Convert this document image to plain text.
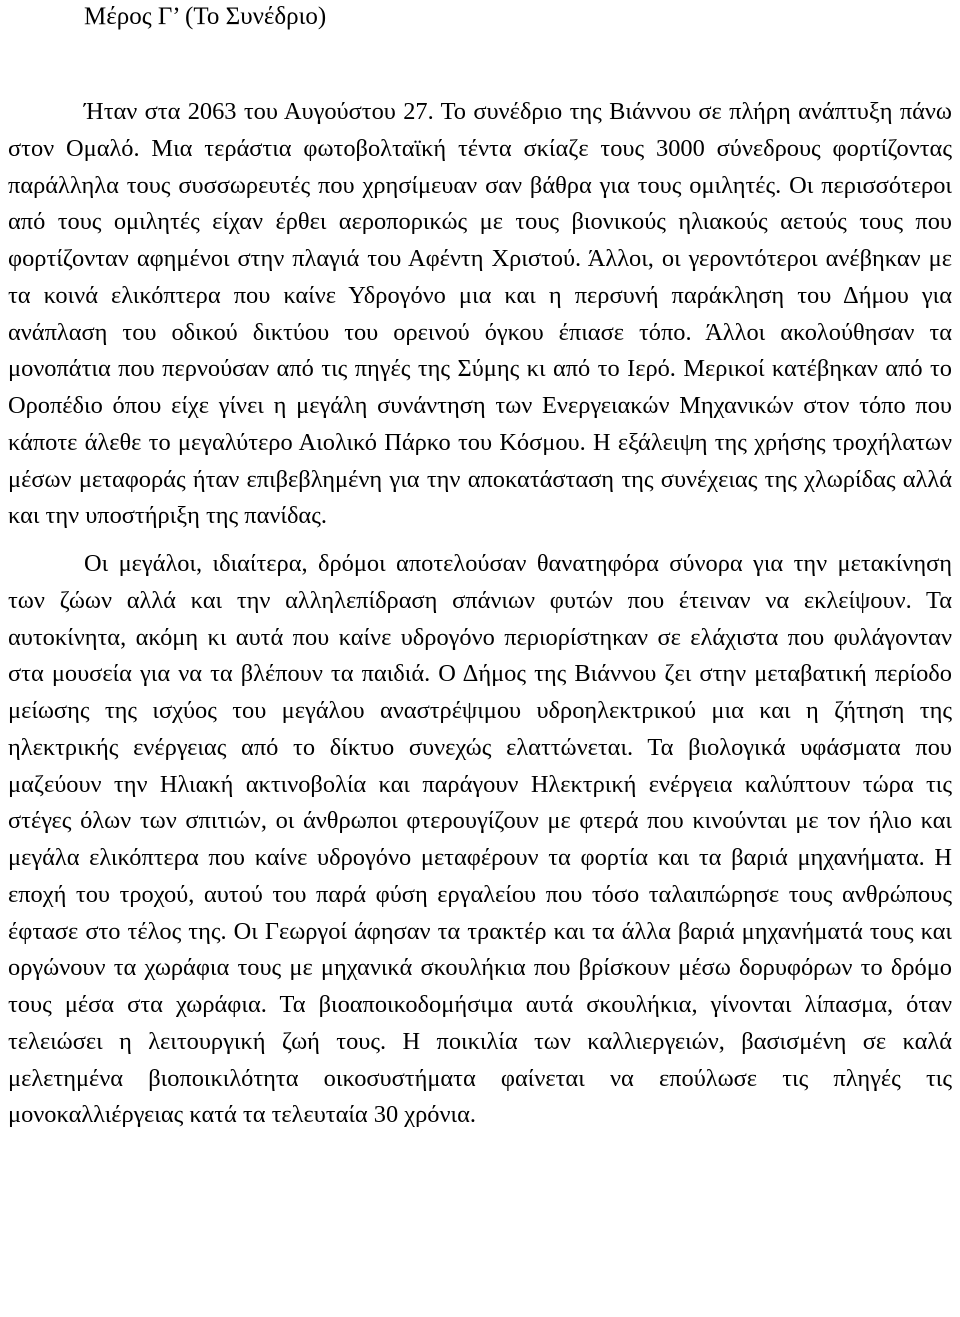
Μέρος Γ’ (Το Συνέδριο)

Ήταν στα 2063 του Αυγούστου 27. Το συνέδριο της Βιάννου σε πλήρη ανάπτυξη πάνω στον Ομαλό. Μια τεράστια φωτοβολταϊκή τέντα σκίαζε τους 3000 σύνεδρους φορτίζοντας παράλληλα τους συσσωρευτές που χρησίμευαν σαν βάθρα για τους ομιλητές. Οι περισσότεροι από τους ομιλητές είχαν έρθει αεροπορικώς με τους βιονικούς ηλιακούς αετούς τους που φορτίζονταν αφημένοι στην πλαγιά του Αφέντη Χριστού. Άλλοι, οι γεροντότεροι ανέβηκαν με τα κοινά ελικόπτερα που καίνε Υδρογόνο μια και η περσυνή παράκληση του Δήμου για ανάπλαση του οδικού δικτύου του ορεινού όγκου έπιασε τόπο. Άλλοι ακολούθησαν τα μονοπάτια που περνούσαν από τις πηγές της Σύμης κι από το Ιερό. Μερικοί κατέβηκαν από το Οροπέδιο όπου είχε γίνει η μεγάλη συνάντηση των Ενεργειακών Μηχανικών στον τόπο που κάποτε άλεθε το μεγαλύτερο Αιολικό Πάρκο του Κόσμου. Η εξάλειψη της χρήσης τροχήλατων μέσων μεταφοράς ήταν επιβεβλημένη για την αποκατάσταση της συνέχειας της χλωρίδας αλλά και την υποστήριξη της πανίδας.

Οι μεγάλοι, ιδιαίτερα, δρόμοι αποτελούσαν θανατηφόρα σύνορα για την μετακίνηση των ζώων αλλά και την αλληλεπίδραση σπάνιων φυτών που έτειναν να εκλείψουν. Τα αυτοκίνητα, ακόμη κι αυτά που καίνε υδρογόνο περιορίστηκαν σε ελάχιστα που φυλάγονταν στα μουσεία για να τα βλέπουν τα παιδιά. Ο Δήμος της Βιάννου ζει στην μεταβατική περίοδο μείωσης της ισχύος του μεγάλου αναστρέψιμου υδροηλεκτρικού μια και η ζήτηση της ηλεκτρικής ενέργειας από το δίκτυο συνεχώς ελαττώνεται. Τα βιολογικά υφάσματα που μαζεύουν την Ηλιακή ακτινοβολία και παράγουν Ηλεκτρική ενέργεια καλύπτουν τώρα τις στέγες όλων των σπιτιών, οι άνθρωποι φτερουγίζουν με φτερά που κινούνται με τον ήλιο και μεγάλα ελικόπτερα που καίνε υδρογόνο μεταφέρουν τα φορτία και τα βαριά μηχανήματα. Η εποχή του τροχού, αυτού του παρά φύση εργαλείου που τόσο ταλαιπώρησε τους ανθρώπους έφτασε στο τέλος της. Οι Γεωργοί άφησαν τα τρακτέρ και τα άλλα βαριά μηχανήματά τους και οργώνουν τα χωράφια τους με μηχανικά σκουλήκια που βρίσκουν μέσω δορυφόρων το δρόμο τους μέσα στα χωράφια. Τα βιοαποικοδομήσιμα αυτά σκουλήκια, γίνονται λίπασμα, όταν τελειώσει η λειτουργική ζωή τους. Η ποικιλία των καλλιεργειών, βασισμένη σε καλά μελετημένα βιοποικιλότητα οικοσυστήματα φαίνεται να επούλωσε τις πληγές τις μονοκαλλιέργειας κατά τα τελευταία 30 χρόνια.
